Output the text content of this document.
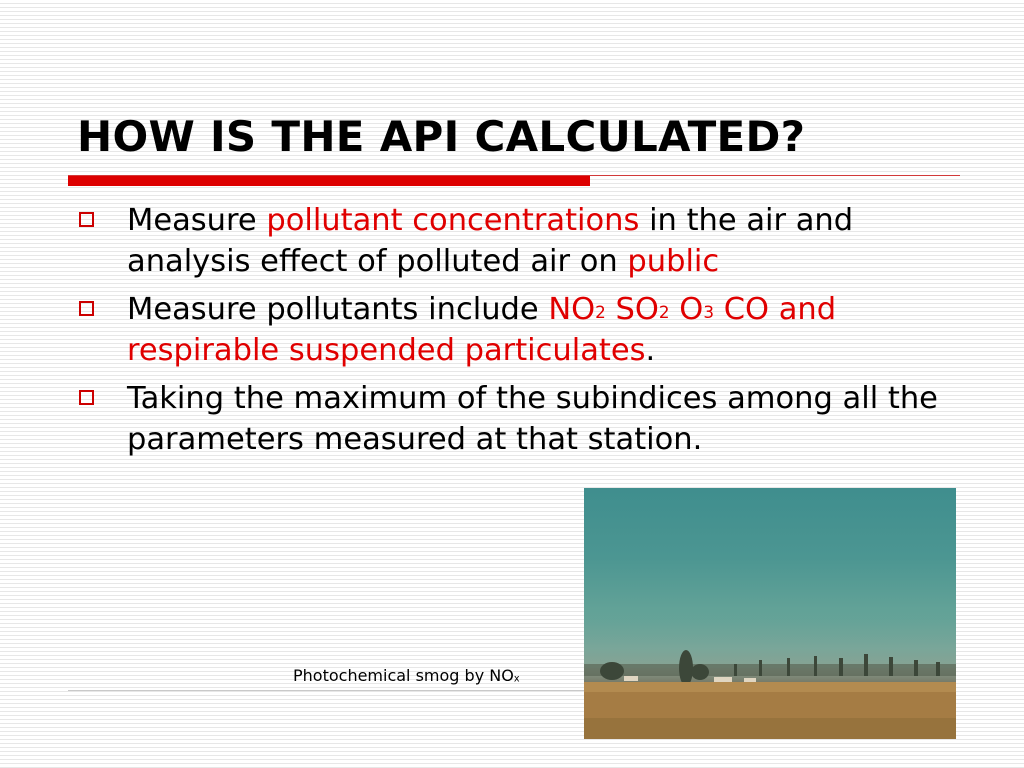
HOW IS THE API CALCULATED?
Measure pollutant concentrations in the air and analysis effect of polluted air on public
Measure pollutants include $NO_2$ $SO_2$ $O_3$ CO and respirable suspended particulates.
Taking the maximum of the subindices among all the parameters measured at that station.

Photochemical smog by $NO_x$
